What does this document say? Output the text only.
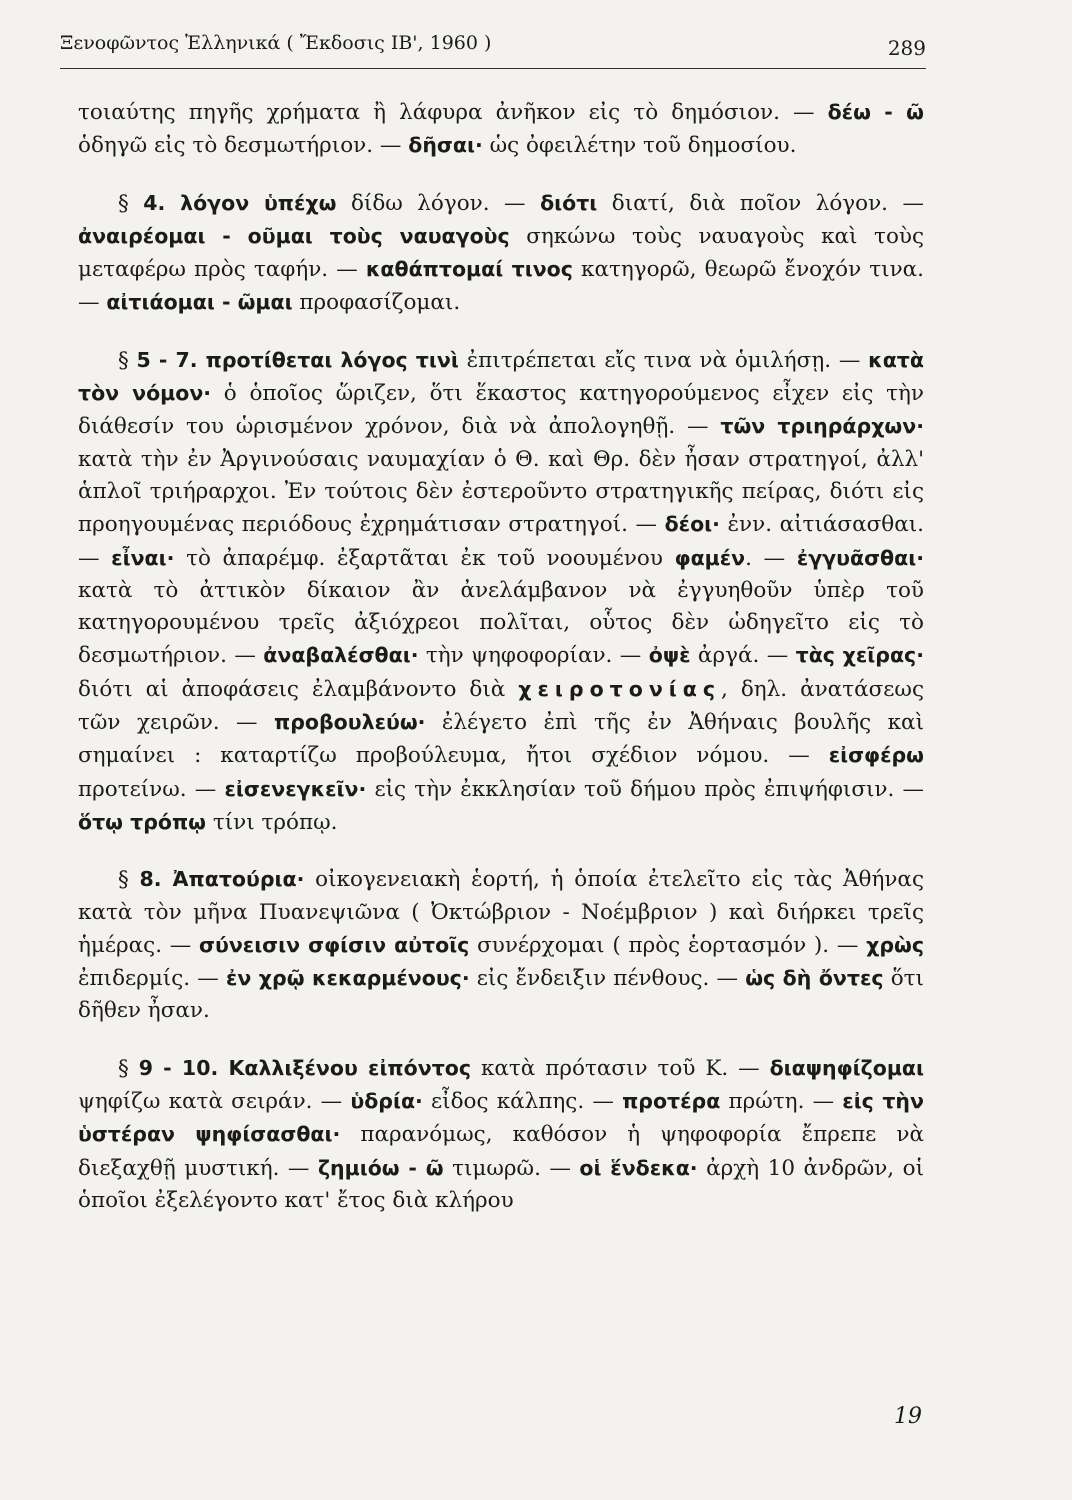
Ξενοφῶντος Ἑλληνικά ( Ἔκδοσις ΙΒ', 1960 )	289

τοιαύτης πηγῆς χρήματα ἢ λάφυρα ἀνῆκον εἰς τὸ δημόσιον. — δέω - ῶ ὁδηγῶ εἰς τὸ δεσμωτήριον. — δῆσαι· ὡς ὀφειλέτην τοῦ δημοσίου.

§ 4. λόγον ὑπέχω δίδω λόγον. — διότι διατί, διὰ ποῖον λόγον. — ἀναιρέομαι - οῦμαι τοὺς ναυαγοὺς σηκώνω τοὺς ναυαγοὺς καὶ τοὺς μεταφέρω πρὸς ταφήν. — καθάπτομαί τινος κατηγορῶ, θεωρῶ ἔνοχόν τινα. — αἰτιάομαι - ῶμαι προφασίζομαι.

§ 5 - 7. προτίθεται λόγος τινὶ ἐπιτρέπεται εἴς τινα νὰ ὁμιλήσῃ. — κατὰ τὸν νόμον· ὁ ὁποῖος ὥριζεν, ὅτι ἕκαστος κατηγορούμενος εἶχεν εἰς τὴν διάθεσίν του ὡρισμένον χρόνον, διὰ νὰ ἀπολογηθῇ. — τῶν τριηράρχων· κατὰ τὴν ἐν Ἀργινούσαις ναυμαχίαν ὁ Θ. καὶ Θρ. δὲν ἦσαν στρατηγοί, ἀλλ' ἁπλοῖ τριήραρχοι. Ἐν τούτοις δὲν ἐστεροῦντο στρατηγικῆς πείρας, διότι εἰς προηγουμένας περιόδους ἐχρημάτισαν στρατηγοί. — δέοι· ἐνν. αἰτιάσασθαι. — εἶναι· τὸ ἀπαρέμφ. ἐξαρτᾶται ἐκ τοῦ νοουμένου φαμέν. — ἐγγυᾶσθαι· κατὰ τὸ ἀττικὸν δίκαιον ἂν ἀνελάμβανον νὰ ἐγγυηθοῦν ὑπὲρ τοῦ κατηγορουμένου τρεῖς ἀξιόχρεοι πολῖται, οὗτος δὲν ὡδηγεῖτο εἰς τὸ δεσμωτήριον. — ἀναβαλέσθαι· τὴν ψηφοφορίαν. — ὀψὲ ἀργά. — τὰς χεῖρας· διότι αἱ ἀποφάσεις ἐλαμβάνοντο διὰ χειροτονίας, δηλ. ἀνατάσεως τῶν χειρῶν. — προβουλεύω· ἐλέγετο ἐπὶ τῆς ἐν Ἀθήναις βουλῆς καὶ σημαίνει : καταρτίζω προβούλευμα, ἤτοι σχέδιον νόμου. — εἰσφέρω προτείνω. — εἰσενεγκεῖν· εἰς τὴν ἐκκλησίαν τοῦ δήμου πρὸς ἐπιψήφισιν. — ὅτῳ τρόπῳ τίνι τρόπῳ.

§ 8. Ἀπατούρια· οἰκογενειακὴ ἑορτή, ἡ ὁποία ἐτελεῖτο εἰς τὰς Ἀθήνας κατὰ τὸν μῆνα Πυανεψιῶνα ( Ὀκτώβριον - Νοέμβριον ) καὶ διήρκει τρεῖς ἡμέρας. — σύνεισιν σφίσιν αὐτοῖς συνέρχομαι ( πρὸς ἑορτασμόν ). — χρὼς ἐπιδερμίς. — ἐν χρῷ κεκαρμένους· εἰς ἔνδειξιν πένθους. — ὡς δὴ ὄντες ὅτι δῆθεν ἦσαν.

§ 9 - 10. Καλλιξένου εἰπόντος κατὰ πρότασιν τοῦ Κ. — διαψηφίζομαι ψηφίζω κατὰ σειράν. — ὑδρία· εἶδος κάλπης. — προτέρα πρώτη. — εἰς τὴν ὑστέραν ψηφίσασθαι· παρανόμως, καθόσον ἡ ψηφοφορία ἔπρεπε νὰ διεξαχθῇ μυστική. — ζημιόω - ῶ τιμωρῶ. — οἱ ἕνδεκα· ἀρχὴ 10 ἀνδρῶν, οἱ ὁποῖοι ἐξελέγοντο κατ' ἔτος διὰ κλήρου

19
